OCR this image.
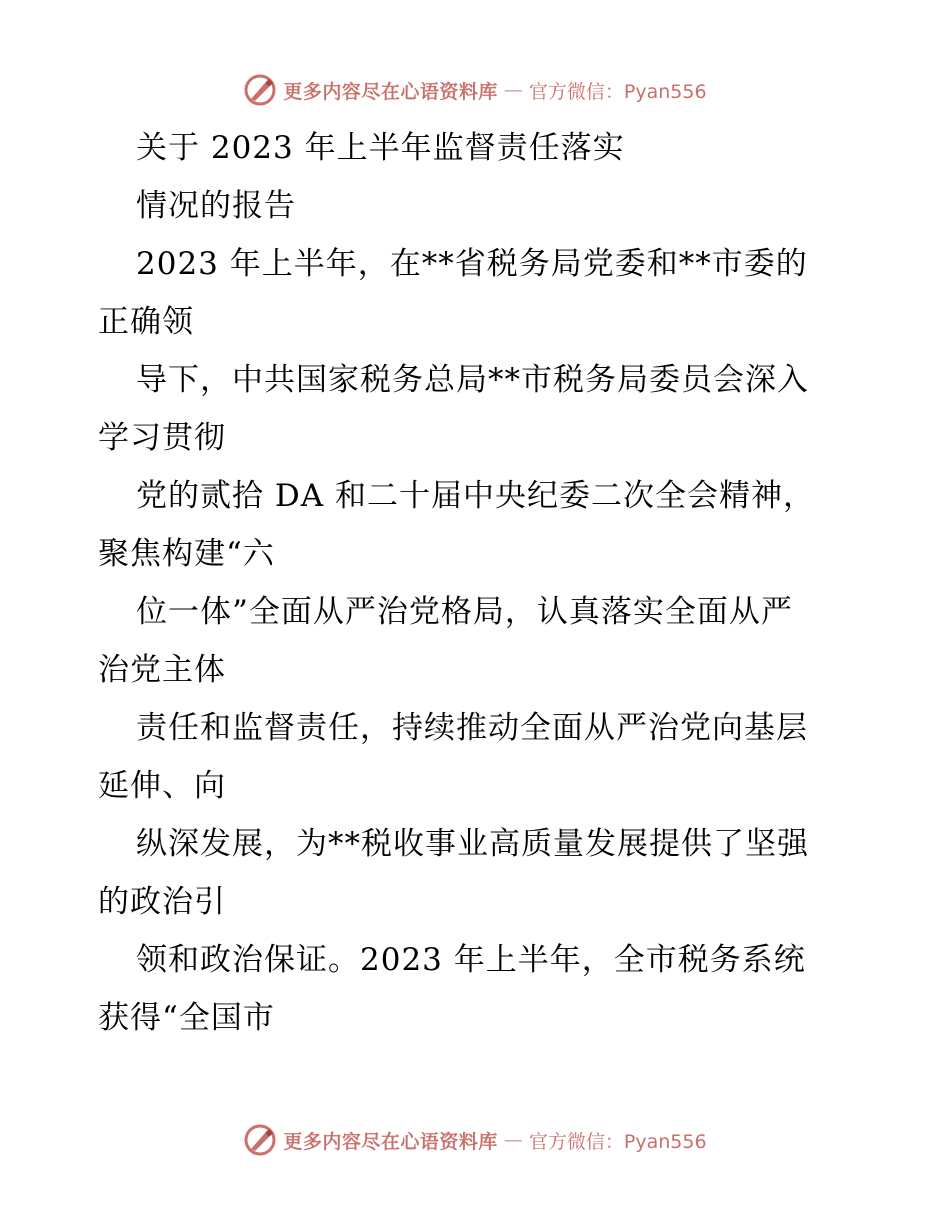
更多内容尽在心语资料库 — 官方微信：Pyan556
关于 2023 年上半年监督责任落实
情况的报告
2023 年上半年，在**省税务局党委和**市委的
正确领
导下，中共国家税务总局**市税务局委员会深入
学习贯彻
党的贰拾 DA 和二十届中央纪委二次全会精神，
聚焦构建“六
位一体”全面从严治党格局，认真落实全面从严
治党主体
责任和监督责任，持续推动全面从严治党向基层
延伸、向
纵深发展，为**税收事业高质量发展提供了坚强
的政治引
领和政治保证。2023 年上半年，全市税务系统
获得“全国市
更多内容尽在心语资料库 — 官方微信：Pyan556
